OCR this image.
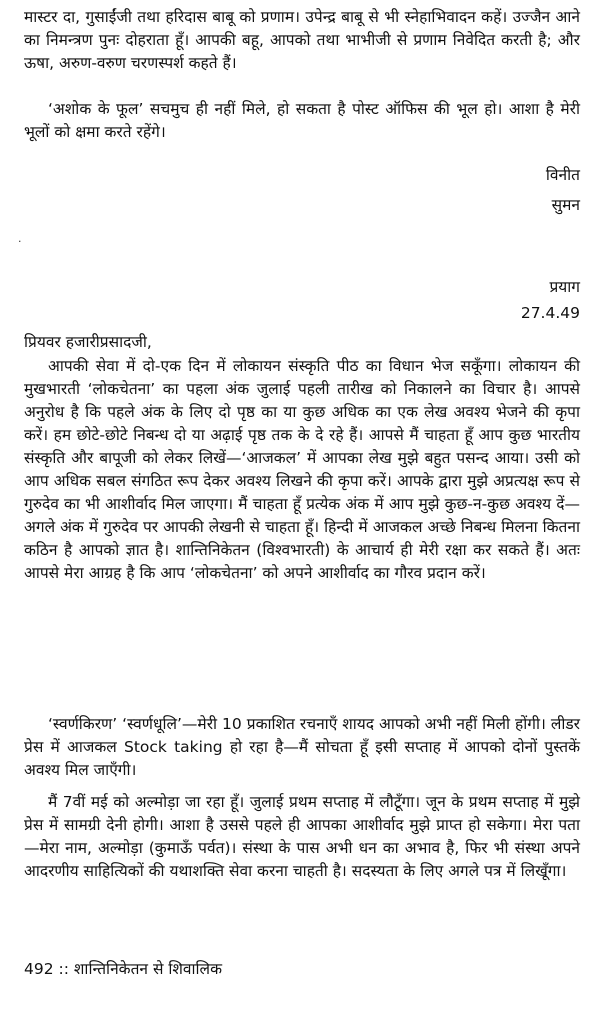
मास्टर दा, गुसाईंजी तथा हरिदास बाबू को प्रणाम। उपेन्द्र बाबू से भी स्नेहाभिवादन कहें। उज्जैन आने का निमन्त्रण पुनः दोहराता हूँ। आपकी बहू, आपको तथा भाभीजी से प्रणाम निवेदित करती है; और ऊषा, अरुण-वरुण चरणस्पर्श कहते हैं।

‘अशोक के फूल’ सचमुच ही नहीं मिले, हो सकता है पोस्ट ऑफिस की भूल हो। आशा है मेरी भूलों को क्षमा करते रहेंगे।

विनीत
सुमन
·
प्रयाग
27.4.49
प्रियवर हजारीप्रसादजी,

आपकी सेवा में दो-एक दिन में लोकायन संस्कृति पीठ का विधान भेज सकूँगा। लोकायन की मुखभारती ‘लोकचेतना’ का पहला अंक जुलाई पहली तारीख को निकालने का विचार है। आपसे अनुरोध है कि पहले अंक के लिए दो पृष्ठ का या कुछ अधिक का एक लेख अवश्य भेजने की कृपा करें। हम छोटे-छोटे निबन्ध दो या अढ़ाई पृष्ठ तक के दे रहे हैं। आपसे मैं चाहता हूँ आप कुछ भारतीय संस्कृति और बापूजी को लेकर लिखें—‘आजकल’ में आपका लेख मुझे बहुत पसन्द आया। उसी को आप अधिक सबल संगठित रूप देकर अवश्य लिखने की कृपा करें। आपके द्वारा मुझे अप्रत्यक्ष रूप से गुरुदेव का भी आशीर्वाद मिल जाएगा। मैं चाहता हूँ प्रत्येक अंक में आप मुझे कुछ-न-कुछ अवश्य दें—अगले अंक में गुरुदेव पर आपकी लेखनी से चाहता हूँ। हिन्दी में आजकल अच्छे निबन्ध मिलना कितना कठिन है आपको ज्ञात है। शान्तिनिकेतन (विश्वभारती) के आचार्य ही मेरी रक्षा कर सकते हैं। अतः आपसे मेरा आग्रह है कि आप ‘लोकचेतना’ को अपने आशीर्वाद का गौरव प्रदान करें।

‘स्वर्णकिरण’ ‘स्वर्णधूलि’—मेरी 10 प्रकाशित रचनाएँ शायद आपको अभी नहीं मिली होंगी। लीडर प्रेस में आजकल Stock taking हो रहा है—मैं सोचता हूँ इसी सप्ताह में आपको दोनों पुस्तकें अवश्य मिल जाएँगी।

मैं 7वीं मई को अल्मोड़ा जा रहा हूँ। जुलाई प्रथम सप्ताह में लौटूँगा। जून के प्रथम सप्ताह में मुझे प्रेस में सामग्री देनी होगी। आशा है उससे पहले ही आपका आशीर्वाद मुझे प्राप्त हो सकेगा। मेरा पता—मेरा नाम, अल्मोड़ा (कुमाऊँ पर्वत)। संस्था के पास अभी धन का अभाव है, फिर भी संस्था अपने आदरणीय साहित्यिकों की यथाशक्ति सेवा करना चाहती है। सदस्यता के लिए अगले पत्र में लिखूँगा।

492 :: शान्तिनिकेतन से शिवालिक
